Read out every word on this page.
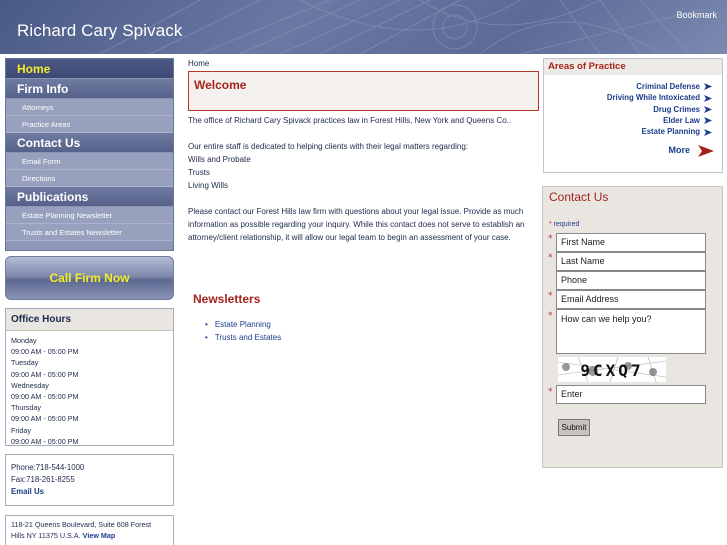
Richard Cary Spivack
Bookmark
Home
Firm Info
Attorneys
Practice Areas
Contact Us
Email Form
Directions
Publications
Estate Planning Newsletter
Trusts and Estates Newsletter
Call Firm Now
Office Hours
Monday
09:00 AM - 05:00 PM
Tuesday
09:00 AM - 05:00 PM
Wednesday
09:00 AM - 05:00 PM
Thursday
09:00 AM - 05:00 PM
Friday
09:00 AM - 05:00 PM
Phone:718-544-1000
Fax:718-261-8255
Email Us
118-21 Queens Boulevard, Suite 608 Forest
Hills NY 11375 U.S.A. View Map
Home
Welcome

The office of Richard Cary Spivack practices law in Forest Hills, New York and Queens Co..

Our entire staff is dedicated to helping clients with their legal matters regarding:
Wills and Probate
Trusts
Living Wills

Please contact our Forest Hills law firm with questions about your legal issue. Provide as much information as possible regarding your inquiry. While this contact does not serve to establish an attorney/client relationship, it will allow our legal team to begin an assessment of your case.

Newsletters
• Estate Planning
• Trusts and Estates
Areas of Practice
Criminal Defense
Driving While Intoxicated
Drug Crimes
Elder Law
Estate Planning
More
Contact Us
* required
* First Name
* Last Name
Phone
* Email Address
* How can we help you?
9CXQ7
* Enter
Submit
